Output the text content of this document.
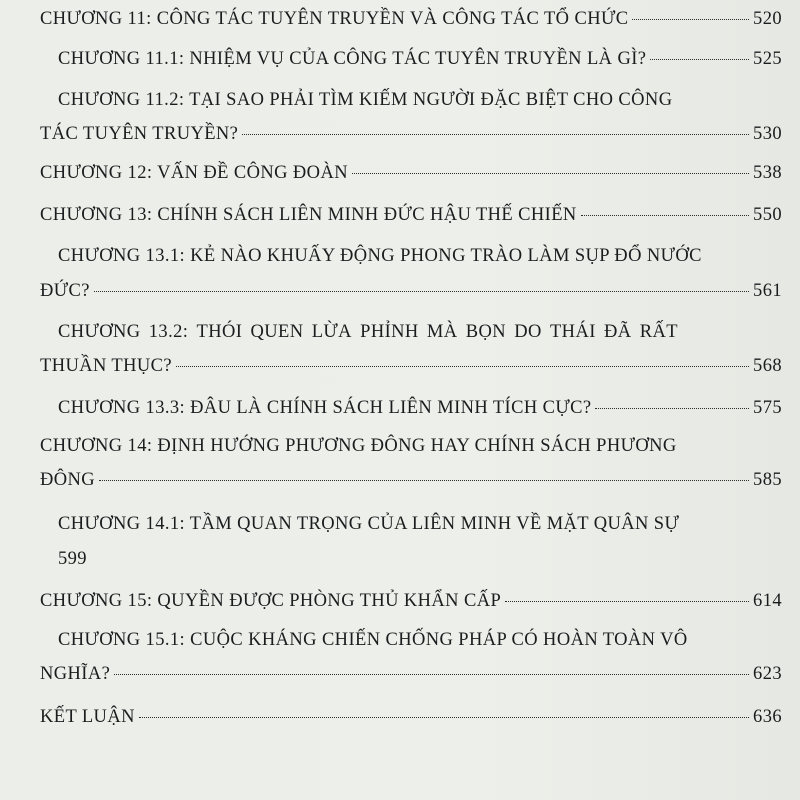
CHƯƠNG 11: CÔNG TÁC TUYÊN TRUYỀN VÀ CÔNG TÁC TỔ CHỨC	520
CHƯƠNG 11.1: NHIỆM VỤ CỦA CÔNG TÁC TUYÊN TRUYỀN LÀ GÌ?	525
CHƯƠNG 11.2: TẠI SAO PHẢI TÌM KIẾM NGƯỜI ĐẶC BIỆT CHO CÔNG
TÁC TUYÊN TRUYỀN?	530
CHƯƠNG 12: VẤN ĐỀ CÔNG ĐOÀN	538
CHƯƠNG 13: CHÍNH SÁCH LIÊN MINH ĐỨC HẬU THẾ CHIẾN	550
CHƯƠNG 13.1: KẺ NÀO KHUẤY ĐỘNG PHONG TRÀO LÀM SỤP ĐỔ NƯỚC
ĐỨC?	561
CHƯƠNG 13.2: THÓI QUEN LỪA PHỈNH MÀ BỌN DO THÁI ĐÃ RẤT
THUẦN THỤC?	568
CHƯƠNG 13.3: ĐÂU LÀ CHÍNH SÁCH LIÊN MINH TÍCH CỰC?	575
CHƯƠNG 14: ĐỊNH HƯỚNG PHƯƠNG ĐÔNG HAY CHÍNH SÁCH PHƯƠNG
ĐÔNG	585
CHƯƠNG 14.1: TẦM QUAN TRỌNG CỦA LIÊN MINH VỀ MẶT QUÂN SỰ
599
CHƯƠNG 15: QUYỀN ĐƯỢC PHÒNG THỦ KHẨN CẤP	614
CHƯƠNG 15.1: CUỘC KHÁNG CHIẾN CHỐNG PHÁP CÓ HOÀN TOÀN VÔ
NGHĨA?	623
KẾT LUẬN	636
